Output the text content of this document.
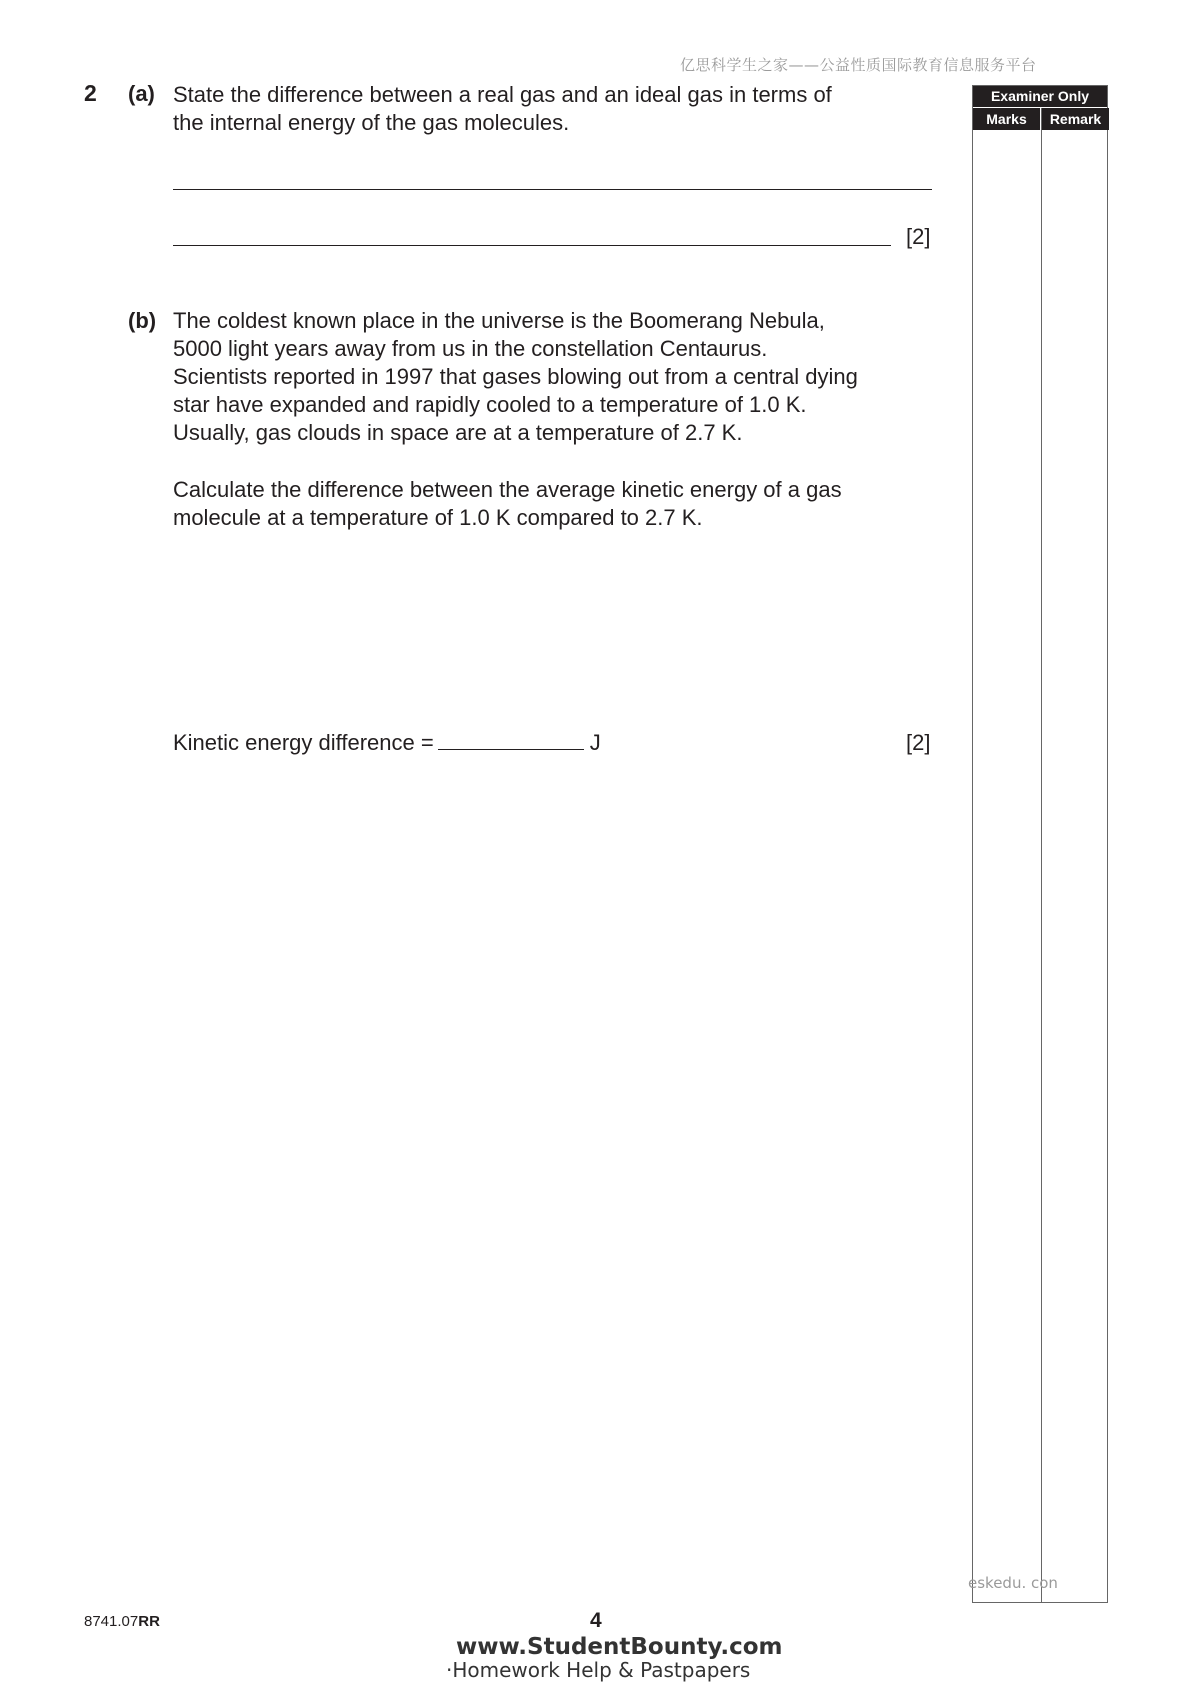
亿思科学生之家——公益性质国际教育信息服务平台
2 (a) State the difference between a real gas and an ideal gas in terms of
the internal energy of the gas molecules.
[2]
(b) The coldest known place in the universe is the Boomerang Nebula,
5000 light years away from us in the constellation Centaurus.
Scientists reported in 1997 that gases blowing out from a central dying
star have expanded and rapidly cooled to a temperature of 1.0 K.
Usually, gas clouds in space are at a temperature of 2.7 K.
Calculate the difference between the average kinetic energy of a gas
molecule at a temperature of 1.0 K compared to 2.7 K.
Kinetic energy difference =	J	[2]
Examiner Only
Marks	Remark
eskedu. con
8741.07RR	4
www.StudentBounty.com
·Homework Help & Pastpapers
